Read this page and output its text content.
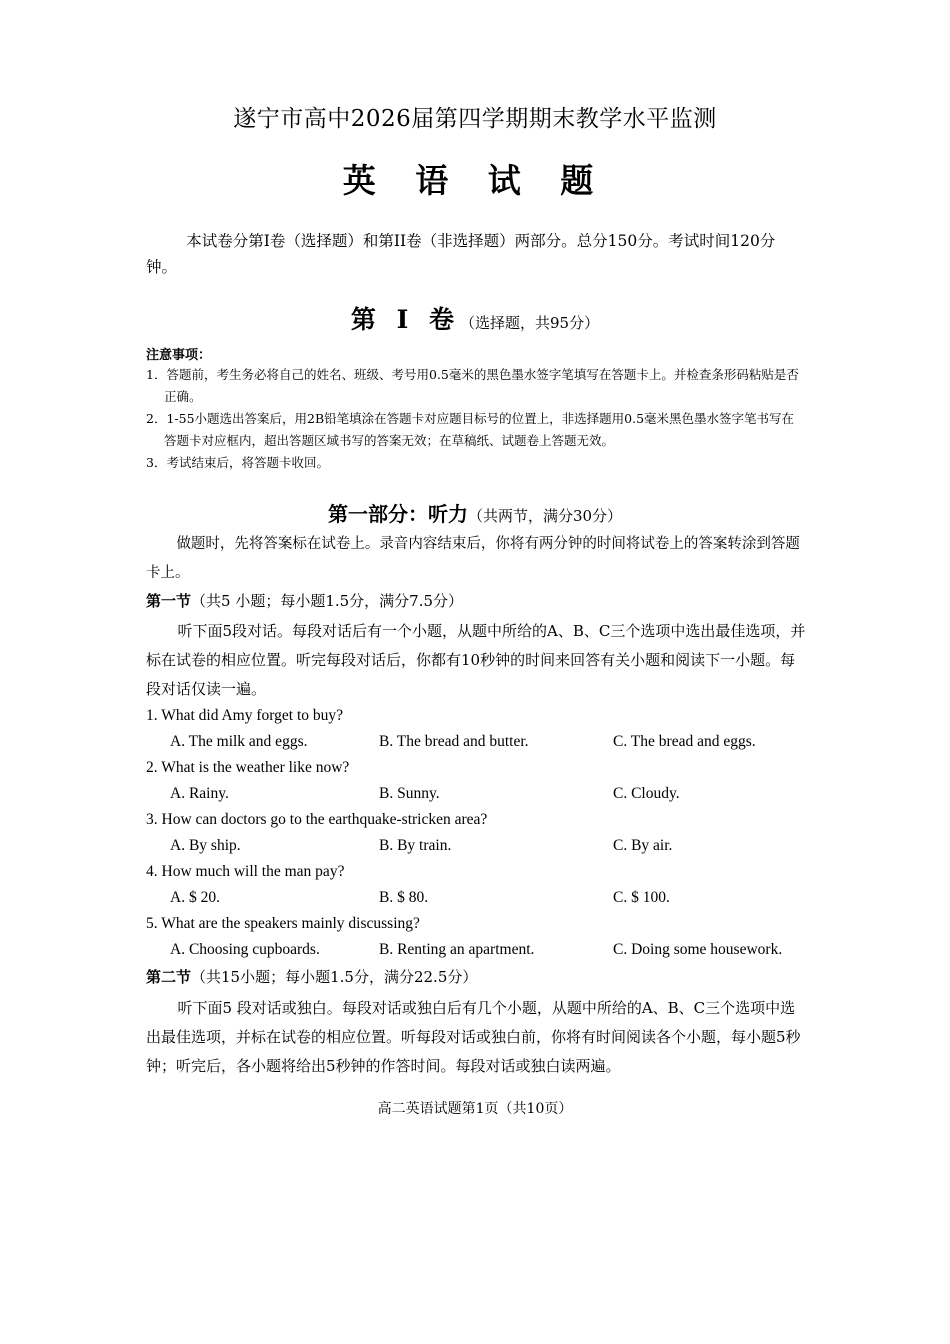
遂宁市高中2026届第四学期期末教学水平监测
英 语 试 题
本试卷分第Ⅰ卷（选择题）和第II卷（非选择题）两部分。总分150分。考试时间120分钟。
第 Ⅰ 卷（选择题，共95分）
注意事项：
1．答题前，考生务必将自己的姓名、班级、考号用0.5毫米的黑色墨水签字笔填写在答题卡上。并检查条形码粘贴是否正确。
2．1-55小题选出答案后，用2B铅笔填涂在答题卡对应题目标号的位置上，非选择题用0.5毫米黑色墨水签字笔书写在答题卡对应框内，超出答题区域书写的答案无效；在草稿纸、试题卷上答题无效。
3．考试结束后，将答题卡收回。
第一部分：听力（共两节，满分30分）
做题时，先将答案标在试卷上。录音内容结束后，你将有两分钟的时间将试卷上的答案转涂到答题卡上。
第一节（共5 小题；每小题1.5分，满分7.5分）
听下面5段对话。每段对话后有一个小题，从题中所给的A、B、C三个选项中选出最佳选项，并标在试卷的相应位置。听完每段对话后，你都有10秒钟的时间来回答有关小题和阅读下一小题。每段对话仅读一遍。
1. What did Amy forget to buy?
A. The milk and eggs.	B. The bread and butter.	C. The bread and eggs.
2. What is the weather like now?
A. Rainy.	B. Sunny.	C. Cloudy.
3. How can doctors go to the earthquake-stricken area?
A. By ship.	B. By train.	C. By air.
4. How much will the man pay?
A. $ 20.	B. $ 80.	C. $ 100.
5. What are the speakers mainly discussing?
A. Choosing cupboards.	B. Renting an apartment.	C. Doing some housework.
第二节（共15小题；每小题1.5分，满分22.5分）
听下面5 段对话或独白。每段对话或独白后有几个小题，从题中所给的A、B、C三个选项中选出最佳选项，并标在试卷的相应位置。听每段对话或独白前，你将有时间阅读各个小题，每小题5秒钟；听完后，各小题将给出5秒钟的作答时间。每段对话或独白读两遍。
高二英语试题第1页（共10页）
